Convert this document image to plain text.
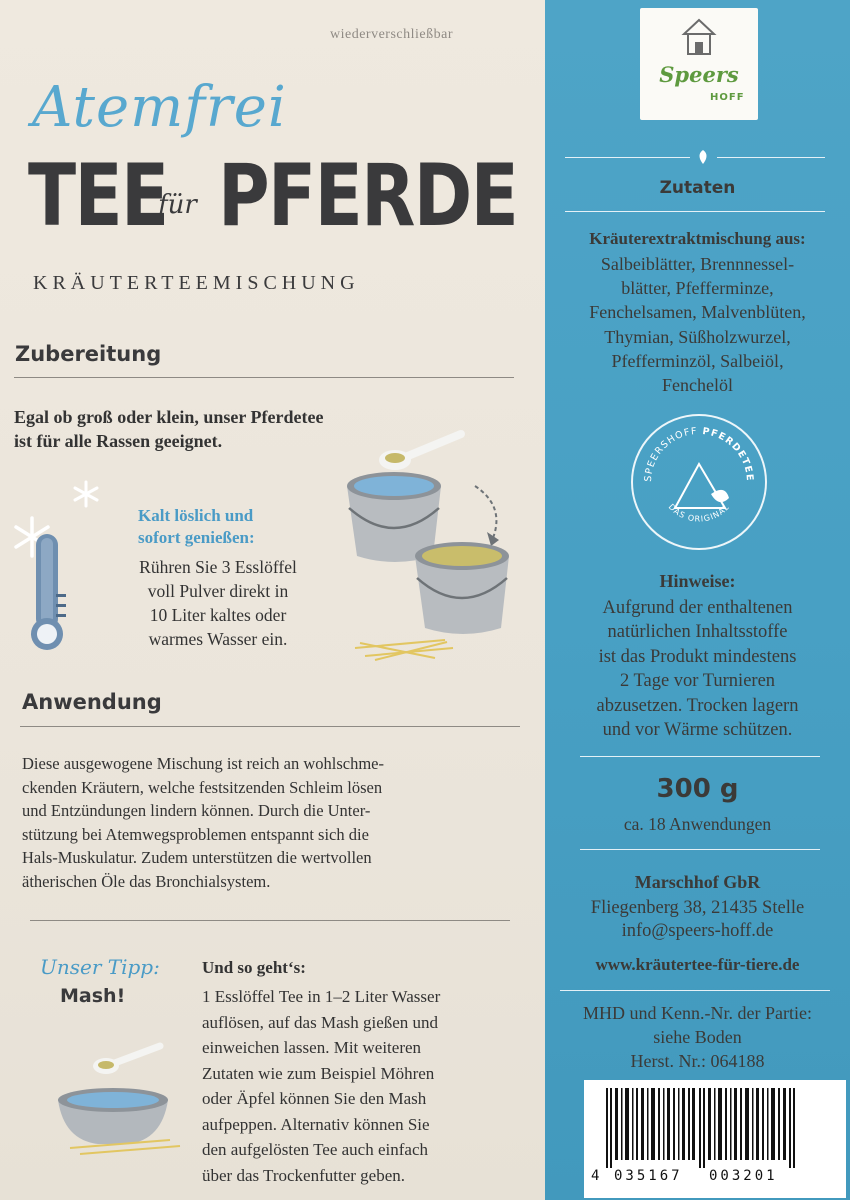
wiederverschließbar
Atemfrei
TEE
für PFERDE
KRÄUTERTEEMISCHUNG
Zubereitung
Egal ob groß oder klein, unser Pferdetee
ist für alle Rassen geeignet.
Kalt löslich und
sofort genießen:
Rühren Sie 3 Esslöffel
voll Pulver direkt in
10 Liter kaltes oder
warmes Wasser ein.
Anwendung
Diese ausgewogene Mischung ist reich an wohlschme-
ckenden Kräutern, welche festsitzenden Schleim lösen
und Entzündungen lindern können. Durch die Unter-
stützung bei Atemwegsproblemen entspannt sich die
Hals-Muskulatur. Zudem unterstützen die wertvollen
ätherischen Öle das Bronchialsystem.
Unser Tipp:
Mash!
Und so geht‘s:
1 Esslöffel Tee in 1–2 Liter Wasser
auflösen, auf das Mash gießen und
einweichen lassen. Mit weiteren
Zutaten wie zum Beispiel Möhren
oder Äpfel können Sie den Mash
aufpeppen. Alternativ können Sie
den aufgelösten Tee auch einfach
über das Trockenfutter geben.
Speers
HOFF
Zutaten
Kräuterextraktmischung aus:
Salbeiblätter, Brennnessel-
blätter, Pfefferminze,
Fenchelsamen, Malvenblüten,
Thymian, Süßholzwurzel,
Pfefferminzöl, Salbeiöl,
Fenchelöl
SPEERSHOFF PFERDETEE
DAS ORIGINAL
Hinweise:
Aufgrund der enthaltenen
natürlichen Inhaltsstoffe
ist das Produkt mindestens
2 Tage vor Turnieren
abzusetzen. Trocken lagern
und vor Wärme schützen.
300 g
ca. 18 Anwendungen
Marschhof GbR
Fliegenberg 38, 21435 Stelle
info@speers-hoff.de
www.kräutertee-für-tiere.de
MHD und Kenn.-Nr. der Partie:
siehe Boden
Herst. Nr.: 064188
4 035167 003201
